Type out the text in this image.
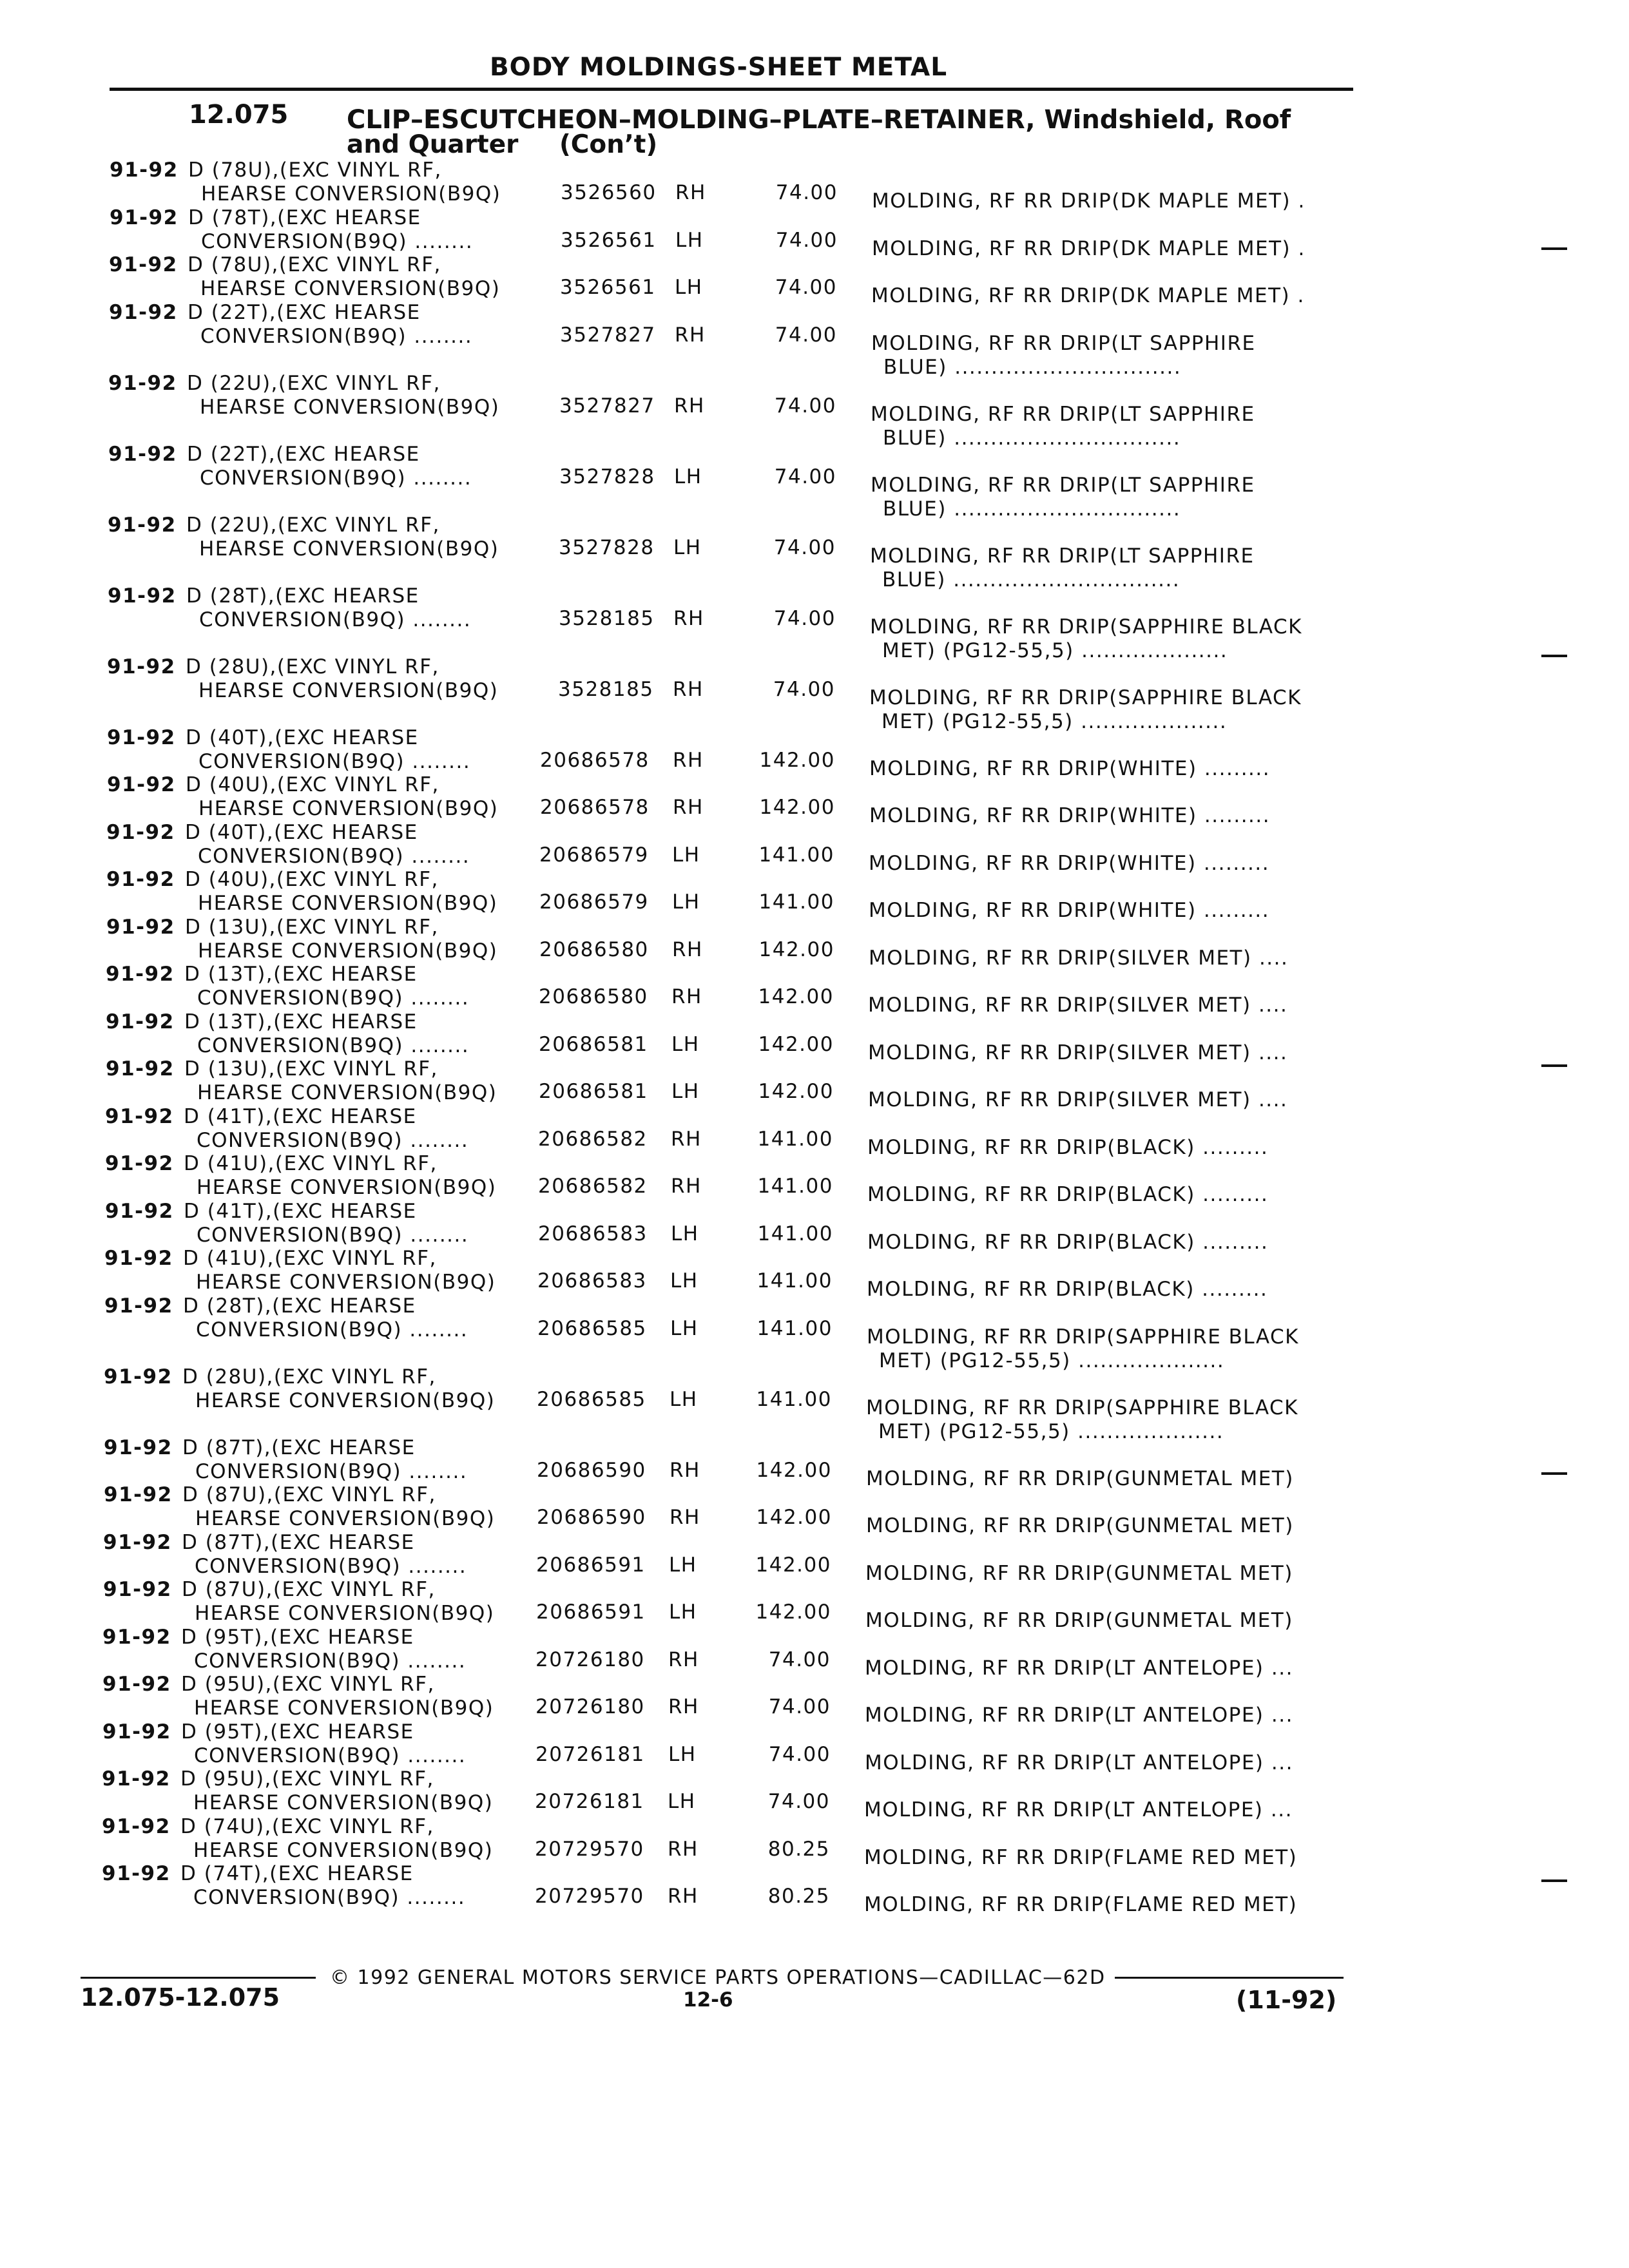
BODY MOLDINGS-SHEET METAL
12.075 CLIP–ESCUTCHEON–MOLDING–PLATE–RETAINER, Windshield, Roof
and Quarter (Con’t)
91-92 D (78U),(EXC VINYL RF,
HEARSE CONVERSION(B9Q)	3526560 RH	74.00 MOLDING, RF RR DRIP(DK MAPLE MET) .
91-92 D (78T),(EXC HEARSE
CONVERSION(B9Q) ........	3526561 LH	74.00 MOLDING, RF RR DRIP(DK MAPLE MET) .
91-92 D (78U),(EXC VINYL RF,
HEARSE CONVERSION(B9Q)	3526561 LH	74.00 MOLDING, RF RR DRIP(DK MAPLE MET) .
91-92 D (22T),(EXC HEARSE
CONVERSION(B9Q) ........	3527827 RH	74.00 MOLDING, RF RR DRIP(LT SAPPHIRE
BLUE) ...............................
91-92 D (22U),(EXC VINYL RF,
HEARSE CONVERSION(B9Q)	3527827 RH	74.00 MOLDING, RF RR DRIP(LT SAPPHIRE
BLUE) ...............................
91-92 D (22T),(EXC HEARSE
CONVERSION(B9Q) ........	3527828 LH	74.00 MOLDING, RF RR DRIP(LT SAPPHIRE
BLUE) ...............................
91-92 D (22U),(EXC VINYL RF,
HEARSE CONVERSION(B9Q)	3527828 LH	74.00 MOLDING, RF RR DRIP(LT SAPPHIRE
BLUE) ...............................
91-92 D (28T),(EXC HEARSE
CONVERSION(B9Q) ........	3528185 RH	74.00 MOLDING, RF RR DRIP(SAPPHIRE BLACK
MET) (PG12-55,5) ....................
91-92 D (28U),(EXC VINYL RF,
HEARSE CONVERSION(B9Q)	3528185 RH	74.00 MOLDING, RF RR DRIP(SAPPHIRE BLACK
MET) (PG12-55,5) ....................
91-92 D (40T),(EXC HEARSE
CONVERSION(B9Q) ........	20686578 RH	142.00 MOLDING, RF RR DRIP(WHITE) .........
91-92 D (40U),(EXC VINYL RF,
HEARSE CONVERSION(B9Q) 20686578 RH	142.00 MOLDING, RF RR DRIP(WHITE) .........
91-92 D (40T),(EXC HEARSE
CONVERSION(B9Q) ........	20686579 LH	141.00 MOLDING, RF RR DRIP(WHITE) .........
91-92 D (40U),(EXC VINYL RF,
HEARSE CONVERSION(B9Q) 20686579 LH	141.00 MOLDING, RF RR DRIP(WHITE) .........
91-92 D (13U),(EXC VINYL RF,
HEARSE CONVERSION(B9Q) 20686580 RH	142.00 MOLDING, RF RR DRIP(SILVER MET) ....
91-92 D (13T),(EXC HEARSE
CONVERSION(B9Q) ........	20686580 RH	142.00 MOLDING, RF RR DRIP(SILVER MET) ....
91-92 D (13T),(EXC HEARSE
CONVERSION(B9Q) ........	20686581 LH	142.00 MOLDING, RF RR DRIP(SILVER MET) ....
91-92 D (13U),(EXC VINYL RF,
HEARSE CONVERSION(B9Q) 20686581 LH	142.00 MOLDING, RF RR DRIP(SILVER MET) ....
91-92 D (41T),(EXC HEARSE
CONVERSION(B9Q) ........	20686582 RH	141.00 MOLDING, RF RR DRIP(BLACK) .........
91-92 D (41U),(EXC VINYL RF,
HEARSE CONVERSION(B9Q) 20686582 RH	141.00 MOLDING, RF RR DRIP(BLACK) .........
91-92 D (41T),(EXC HEARSE
CONVERSION(B9Q) ........	20686583 LH	141.00 MOLDING, RF RR DRIP(BLACK) .........
91-92 D (41U),(EXC VINYL RF,
HEARSE CONVERSION(B9Q) 20686583 LH	141.00 MOLDING, RF RR DRIP(BLACK) .........
91-92 D (28T),(EXC HEARSE
CONVERSION(B9Q) ........	20686585 LH	141.00 MOLDING, RF RR DRIP(SAPPHIRE BLACK
MET) (PG12-55,5) ....................
91-92 D (28U),(EXC VINYL RF,
HEARSE CONVERSION(B9Q) 20686585 LH	141.00 MOLDING, RF RR DRIP(SAPPHIRE BLACK
MET) (PG12-55,5) ....................
91-92 D (87T),(EXC HEARSE
CONVERSION(B9Q) ........	20686590 RH	142.00 MOLDING, RF RR DRIP(GUNMETAL MET)
91-92 D (87U),(EXC VINYL RF,
HEARSE CONVERSION(B9Q) 20686590 RH	142.00 MOLDING, RF RR DRIP(GUNMETAL MET)
91-92 D (87T),(EXC HEARSE
CONVERSION(B9Q) ........	20686591 LH	142.00 MOLDING, RF RR DRIP(GUNMETAL MET)
91-92 D (87U),(EXC VINYL RF,
HEARSE CONVERSION(B9Q) 20686591 LH	142.00 MOLDING, RF RR DRIP(GUNMETAL MET)
91-92 D (95T),(EXC HEARSE
CONVERSION(B9Q) ........	20726180 RH	74.00 MOLDING, RF RR DRIP(LT ANTELOPE) ...
91-92 D (95U),(EXC VINYL RF,
HEARSE CONVERSION(B9Q) 20726180 RH	74.00 MOLDING, RF RR DRIP(LT ANTELOPE) ...
91-92 D (95T),(EXC HEARSE
CONVERSION(B9Q) ........	20726181 LH	74.00 MOLDING, RF RR DRIP(LT ANTELOPE) ...
91-92 D (95U),(EXC VINYL RF,
HEARSE CONVERSION(B9Q) 20726181 LH	74.00 MOLDING, RF RR DRIP(LT ANTELOPE) ...
91-92 D (74U),(EXC VINYL RF,
HEARSE CONVERSION(B9Q) 20729570 RH	80.25 MOLDING, RF RR DRIP(FLAME RED MET)
91-92 D (74T),(EXC HEARSE
CONVERSION(B9Q) ........	20729570 RH	80.25 MOLDING, RF RR DRIP(FLAME RED MET)
© 1992 GENERAL MOTORS SERVICE PARTS OPERATIONS—CADILLAC—62D
12.075-12.075	12-6	(11-92)
